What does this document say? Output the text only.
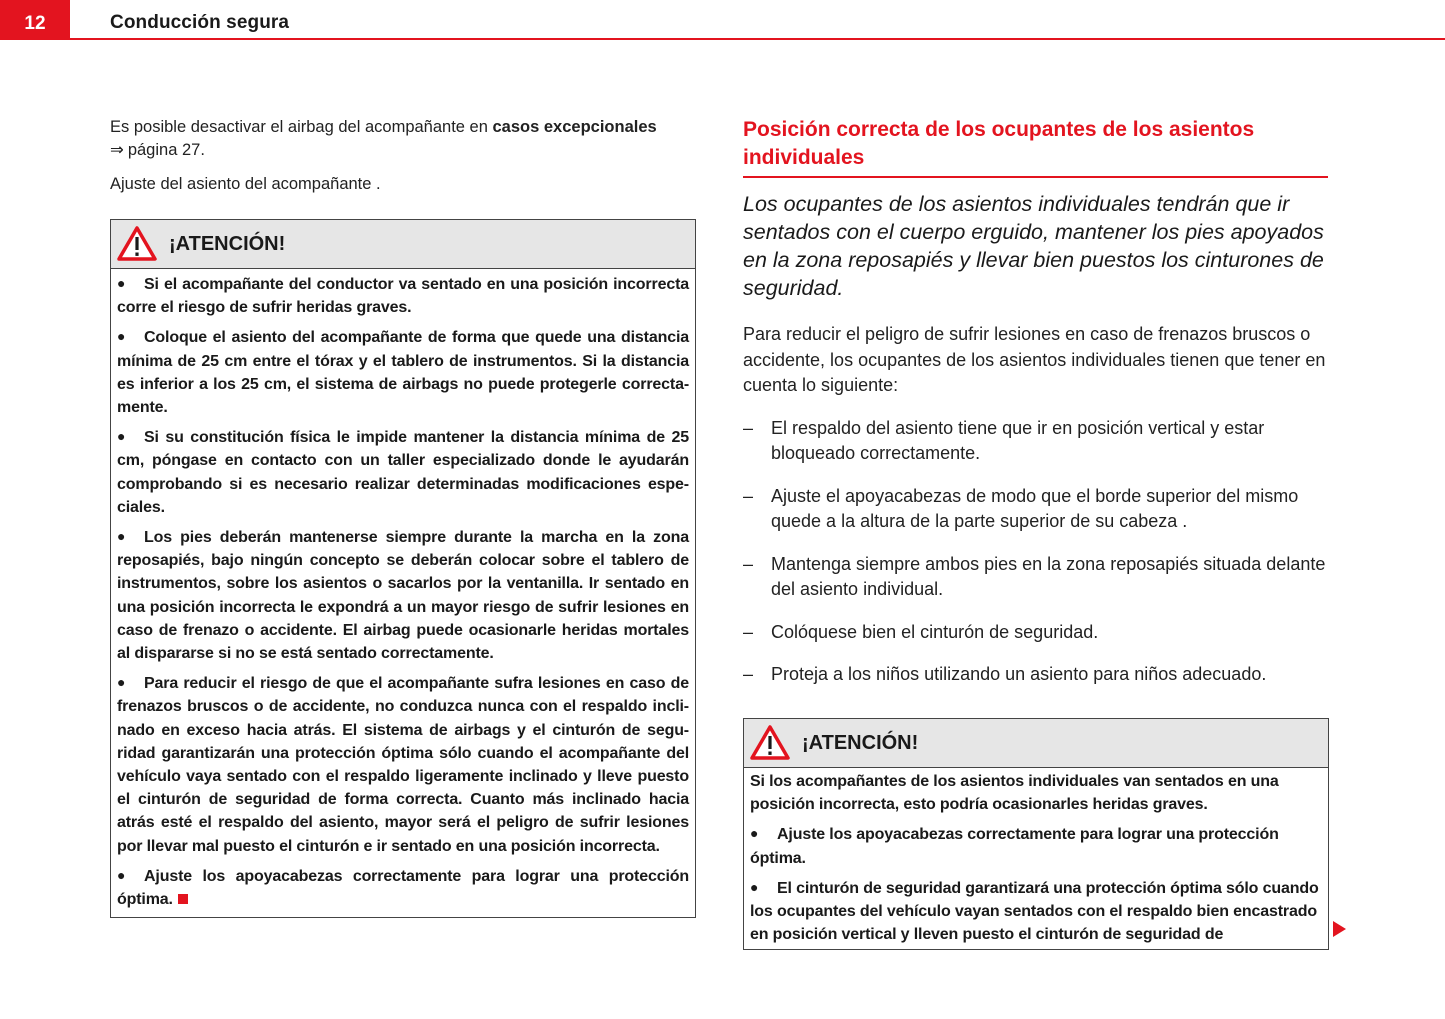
12	Conducción segura

Es posible desactivar el airbag del acompañante en casos excepcionales
⇒ página 27.

Ajuste del asiento del acompañante .

¡ATENCIÓN!

● Si el acompañante del conductor va sentado en una posición incorrecta corre el riesgo de sufrir heridas graves.

● Coloque el asiento del acompañante de forma que quede una distancia mínima de 25 cm entre el tórax y el tablero de instrumentos. Si la distancia es inferior a los 25 cm, el sistema de airbags no puede protegerle correcta-mente.

● Si su constitución física le impide mantener la distancia mínima de 25 cm, póngase en contacto con un taller especializado donde le ayudarán comprobando si es necesario realizar determinadas modificaciones espe-ciales.

● Los pies deberán mantenerse siempre durante la marcha en la zona reposapiés, bajo ningún concepto se deberán colocar sobre el tablero de instrumentos, sobre los asientos o sacarlos por la ventanilla. Ir sentado en una posición incorrecta le expondrá a un mayor riesgo de sufrir lesiones en caso de frenazo o accidente. El airbag puede ocasionarle heridas mortales al dispararse si no se está sentado correctamente.

● Para reducir el riesgo de que el acompañante sufra lesiones en caso de frenazos bruscos o de accidente, no conduzca nunca con el respaldo incli-nado en exceso hacia atrás. El sistema de airbags y el cinturón de segu-ridad garantizarán una protección óptima sólo cuando el acompañante del vehículo vaya sentado con el respaldo ligeramente inclinado y lleve puesto el cinturón de seguridad de forma correcta. Cuanto más inclinado hacia atrás esté el respaldo del asiento, mayor será el peligro de sufrir lesiones por llevar mal puesto el cinturón e ir sentado en una posición incorrecta.

● Ajuste los apoyacabezas correctamente para lograr una protección óptima.

Posición correcta de los ocupantes de los asientos individuales

Los ocupantes de los asientos individuales tendrán que ir sentados con el cuerpo erguido, mantener los pies apoyados en la zona reposapiés y llevar bien puestos los cinturones de seguridad.

Para reducir el peligro de sufrir lesiones en caso de frenazos bruscos o accidente, los ocupantes de los asientos individuales tienen que tener en cuenta lo siguiente:

– El respaldo del asiento tiene que ir en posición vertical y estar bloqueado correctamente.
– Ajuste el apoyacabezas de modo que el borde superior del mismo quede a la altura de la parte superior de su cabeza .
– Mantenga siempre ambos pies en la zona reposapiés situada delante del asiento individual.
– Colóquese bien el cinturón de seguridad.
– Proteja a los niños utilizando un asiento para niños adecuado.
¡ATENCIÓN!

Si los acompañantes de los asientos individuales van sentados en una posición incorrecta, esto podría ocasionarles heridas graves.

● Ajuste los apoyacabezas correctamente para lograr una protección óptima.

● El cinturón de seguridad garantizará una protección óptima sólo cuando los ocupantes del vehículo vayan sentados con el respaldo bien encastrado en posición vertical y lleven puesto el cinturón de seguridad de
